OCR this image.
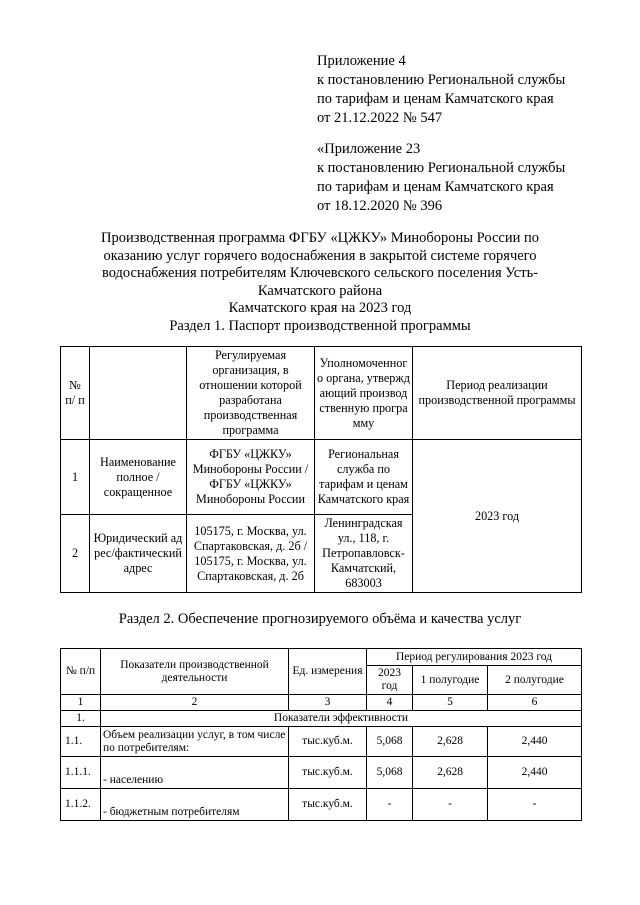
Приложение 4
к постановлению Региональной службы
по тарифам и ценам Камчатского края
от 21.12.2022 № 547
«Приложение 23
к постановлению Региональной службы
по тарифам и ценам Камчатского края
от 18.12.2020 № 396
Производственная программа ФГБУ «ЦЖКУ» Минобороны России по
оказанию услуг горячего водоснабжения в закрытой системе горячего
водоснабжения потребителям Ключевского сельского поселения Усть-
Камчатского района
Камчатского края на 2023 год
Раздел 1. Паспорт производственной программы
№ п/ п		Регулируемая организация, в отношении которой разработана производственная программа	Уполномоченного органа, утверждающий производственную программу	Период реализации производственной программы
1	Наименование полное / сокращенное	ФГБУ «ЦЖКУ» Минобороны России / ФГБУ «ЦЖКУ» Минобороны России	Региональная служба по тарифам и ценам Камчатского края	2023 год
2	Юридический адрес/фактический адрес	105175, г. Москва, ул. Спартаковская, д. 2б / 105175, г. Москва, ул. Спартаковская, д. 2б	Ленинградская ул., 118, г. Петропавловск-Камчатский, 683003	
Раздел 2. Обеспечение прогнозируемого объёма и качества услуг
№ п/п	Показатели производственной деятельности	Ед. измерения	Период регулирования 2023 год		
			2023 год	1 полугодие	2 полугодие
1	2	3	4	5	6
1.	Показатели эффективности				
1.1.	Объем реализации услуг, в том числе по потребителям:	тыс.куб.м.	5,068	2,628	2,440
1.1.1.	- населению	тыс.куб.м.	5,068	2,628	2,440
1.1.2.	- бюджетным потребителям	тыс.куб.м.	-	-	-
